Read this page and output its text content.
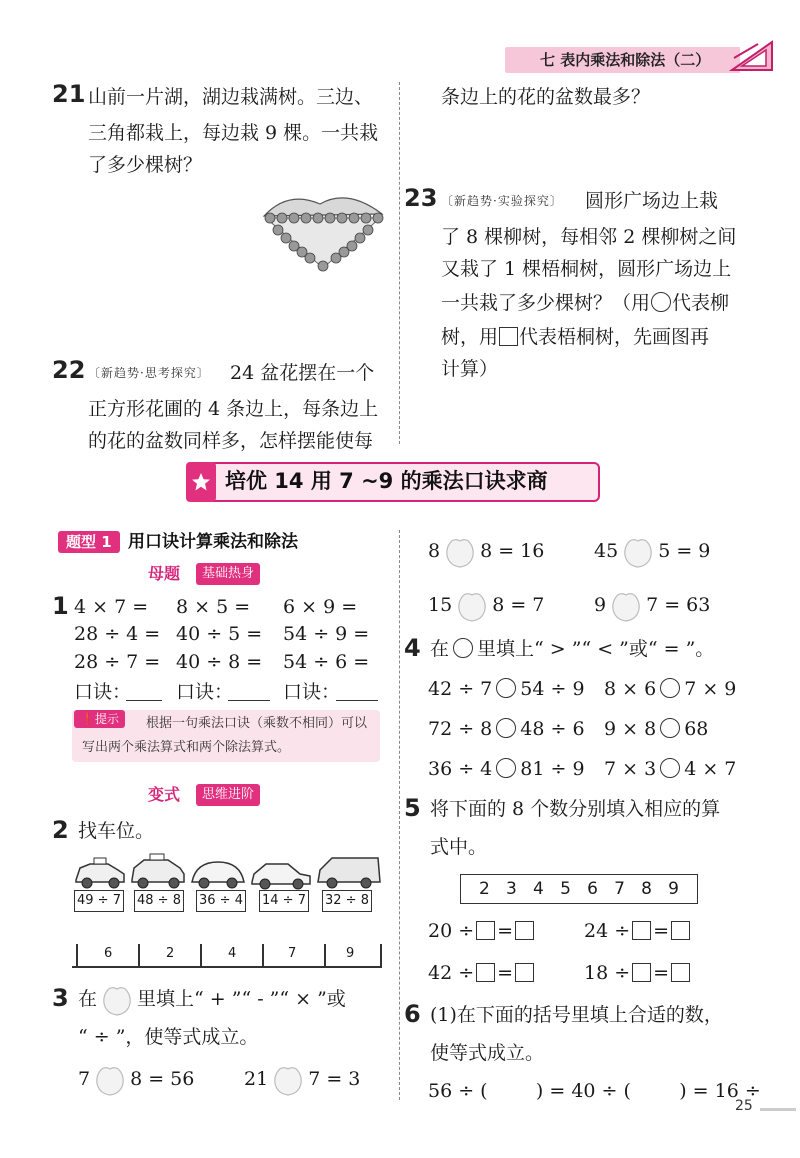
七 表内乘法和除法（二）
21 山前一片湖，湖边栽满树。三边、
三角都栽上，每边栽 9 棵。一共栽
了多少棵树？
22 〔新趋势·思考探究〕 24 盆花摆在一个
正方形花圃的 4 条边上，每条边上
的花的盆数同样多，怎样摆能使每
条边上的花的盆数最多？
23 〔新趋势·实验探究〕 圆形广场边上栽
了 8 棵柳树，每相邻 2 棵柳树之间
又栽了 1 棵梧桐树，圆形广场边上
一共栽了多少棵树？（用 代表柳
树，用 代表梧桐树，先画图再
计算）
培优 14 用 7 ~9 的乘法口诀求商
题型 1 用口诀计算乘法和除法
母题	基础热身
1 4 × 7 = 8 × 5 = 6 × 9 =
28 ÷ 4 = 40 ÷ 5 = 54 ÷ 9 =
28 ÷ 7 = 40 ÷ 8 = 54 ÷ 6 =
口诀： 口诀：	口诀：
❗提示	根据一句乘法口诀（乘数不相同）可以
写出两个乘法算式和两个除法算式。
变式	思维进阶
2 找车位。
49 ÷ 7 48 ÷ 8 36 ÷ 4 14 ÷ 7 32 ÷ 8
6	2	4	7	9
3 在 里填上“ + ”“ - ”“ × ”或
“ ÷ ”，使等式成立。
7 8 = 56	21 7 = 3
8 8 = 16	45 5 = 9
15 8 = 7	9 7 = 63
4 在 里填上“ > ”“ < ”或“ = ”。
42 ÷ 7 54 ÷ 9 8 × 6 7 × 9
72 ÷ 8 48 ÷ 6 9 × 8 68
36 ÷ 4 81 ÷ 9 7 × 3 4 × 7
5 将下面的 8 个数分别填入相应的算
式中。
2   3   4   5   6   7   8   9
20 ÷ =	24 ÷ =
42 ÷ =	18 ÷ =
6 (1)在下面的括号里填上合适的数，
使等式成立。
56 ÷ (        ) = 40 ÷ (        ) = 16 ÷
25
